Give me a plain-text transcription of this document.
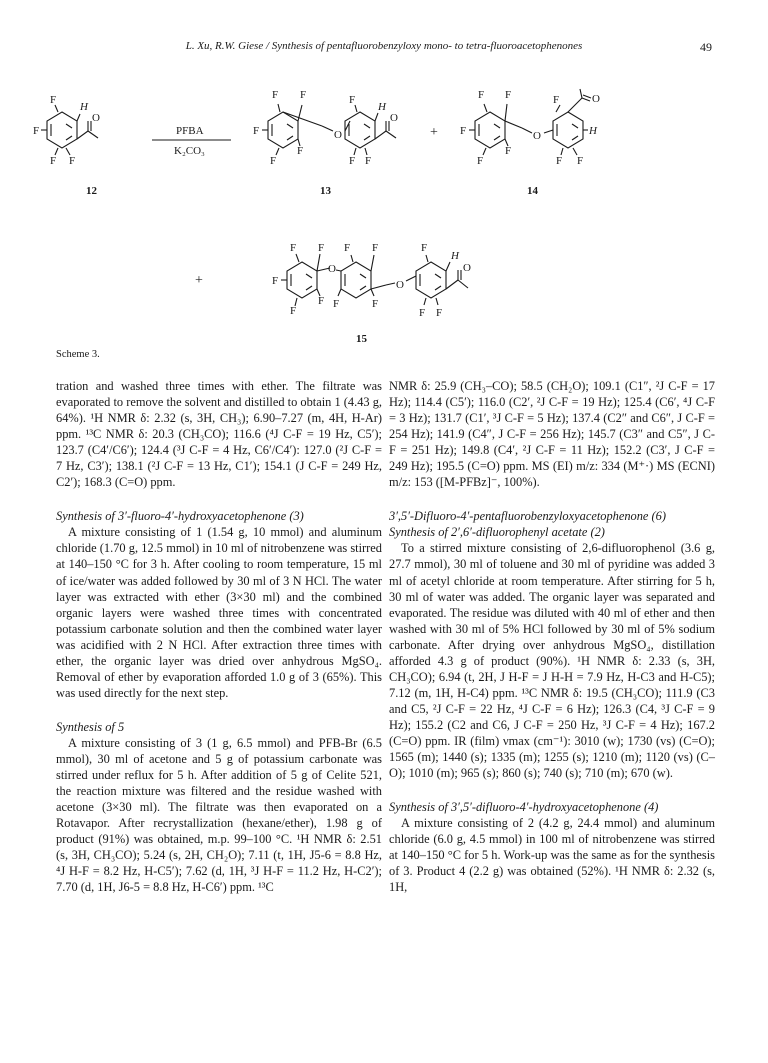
L. Xu, R.W. Giese / Synthesis of pentafluorobenzyloxy mono- to tetra-fluoroacetophenones	49
F
H
F
O
F F
F F
F
F
F
O
F
H
O
F F
F F
F
F
F
O
F	O
H
F F
F F
F
F
F
O
F F
F	F
O
F
H
O
F F
PFBA
K₂CO₃
+
+
12	13	14
15
Scheme 3.

tration and washed three times with ether. The filtrate was evaporated to remove the solvent and distilled to obtain 1 (4.43 g, 64%). ¹H NMR δ: 2.32 (s, 3H, CH₃); 6.90–7.27 (m, 4H, H-Ar) ppm. ¹³C NMR δ: 20.3 (CH₃CO); 116.6 (⁴J C-F = 19 Hz, C5′); 123.7 (C4′/C6′); 124.4 (³J C-F = 4 Hz, C6′/C4′): 127.0 (²J C-F = 7 Hz, C3′); 138.1 (²J C-F = 13 Hz, C1′); 154.1 (J C-F = 249 Hz, C2′); 168.3 (C=O) ppm.

Synthesis of 3′-fluoro-4′-hydroxyacetophenone (3)

A mixture consisting of 1 (1.54 g, 10 mmol) and aluminum chloride (1.70 g, 12.5 mmol) in 10 ml of nitrobenzene was stirred at 140–150 °C for 3 h. After cooling to room temperature, 15 ml of ice/water was added followed by 30 ml of 3 N HCl. The water layer was extracted with ether (3×30 ml) and the combined organic layers were washed three times with concentrated potassium carbonate solution and then the combined water layer was acidified with 2 N HCl. After extraction three times with ether, the organic layer was dried over anhydrous MgSO₄. Removal of ether by evaporation afforded 1.0 g of 3 (65%). This was used directly for the next step.

Synthesis of 5

A mixture consisting of 3 (1 g, 6.5 mmol) and PFB-Br (6.5 mmol), 30 ml of acetone and 5 g of potassium carbonate was stirred under reflux for 5 h. After addition of 5 g of Celite 521, the reaction mixture was filtered and the residue washed with acetone (3×30 ml). The filtrate was then evaporated on a Rotavapor. After recrystallization (hexane/ether), 1.98 g of product (91%) was obtained, m.p. 99–100 °C. ¹H NMR δ: 2.51 (s, 3H, CH₃CO); 5.24 (s, 2H, CH₂O); 7.11 (t, 1H, J5-6 = 8.8 Hz, ⁴J H-F = 8.2 Hz, H-C5′); 7.62 (d, 1H, ³J H-F = 11.2 Hz, H-C2′); 7.70 (d, 1H, J6-5 = 8.8 Hz, H-C6′) ppm. ¹³C

NMR δ: 25.9 (CH₃–CO); 58.5 (CH₂O); 109.1 (C1″, ²J C-F = 17 Hz); 114.4 (C5′); 116.0 (C2′, ²J C-F = 19 Hz); 125.4 (C6′, ⁴J C-F = 3 Hz); 131.7 (C1′, ³J C-F = 5 Hz); 137.4 (C2″ and C6″, J C-F = 254 Hz); 141.9 (C4″, J C-F = 256 Hz); 145.7 (C3″ and C5″, J C-F = 251 Hz); 149.8 (C4′, ²J C-F = 11 Hz); 152.2 (C3′, J C-F = 249 Hz); 195.5 (C=O) ppm. MS (EI) m/z: 334 (M⁺·) MS (ECNI) m/z: 153 ([M-PFBz]⁻, 100%).

3′,5′-Difluoro-4′-pentafluorobenzyloxyacetophenone (6)
Synthesis of 2′,6′-difluorophenyl acetate (2)

To a stirred mixture consisting of 2,6-difluorophenol (3.6 g, 27.7 mmol), 30 ml of toluene and 30 ml of pyridine was added 3 ml of acetyl chloride at room temperature. After stirring for 5 h, 30 ml of water was added. The organic layer was separated and evaporated. The residue was diluted with 40 ml of ether and then washed with 30 ml of 5% HCl followed by 30 ml of 5% sodium carbonate. After drying over anhydrous MgSO₄, distillation afforded 4.3 g of product (90%). ¹H NMR δ: 2.33 (s, 3H, CH₃CO); 6.94 (t, 2H, J H-F = J H-H = 7.9 Hz, H-C3 and H-C5); 7.12 (m, 1H, H-C4) ppm. ¹³C NMR δ: 19.5 (CH₃CO); 111.9 (C3 and C5, ²J C-F = 22 Hz, ⁴J C-F = 6 Hz); 126.3 (C4, ³J C-F = 9 Hz); 155.2 (C2 and C6, J C-F = 250 Hz, ³J C-F = 4 Hz); 167.2 (C=O) ppm. IR (film) νmax (cm⁻¹): 3010 (w); 1730 (vs) (C=O); 1565 (m); 1440 (s); 1335 (m); 1255 (s); 1210 (m); 1120 (vs) (C–O); 1010 (m); 965 (s); 860 (s); 740 (s); 710 (m); 670 (w).

Synthesis of 3′,5′-difluoro-4′-hydroxyacetophenone (4)

A mixture consisting of 2 (4.2 g, 24.4 mmol) and aluminum chloride (6.0 g, 4.5 mmol) in 100 ml of nitrobenzene was stirred at 140–150 °C for 5 h. Work-up was the same as for the synthesis of 3. Product 4 (2.2 g) was obtained (52%). ¹H NMR δ: 2.32 (s, 1H,
